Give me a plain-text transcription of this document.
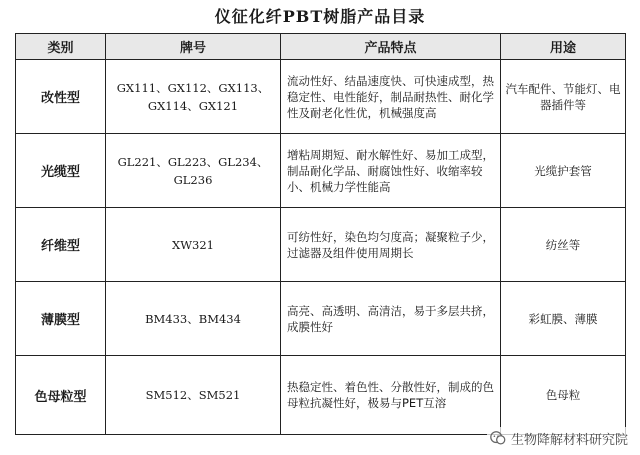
仪征化纤PBT树脂产品目录
类别	牌号	产品特点	用途
改性型	GX111、GX112、GX113、GX114、GX121	流动性好、结晶速度快、可快速成型，热稳定性、电性能好，制品耐热性、耐化学性及耐老化性优，机械强度高	汽车配件、节能灯、电器插件等
光缆型	GL221、GL223、GL234、GL236	增粘周期短、耐水解性好、易加工成型，制品耐化学品、耐腐蚀性好、收缩率较小、机械力学性能高	光缆护套管
纤维型	XW321	可纺性好，染色均匀度高；凝聚粒子少，过滤器及组件使用周期长	纺丝等
薄膜型	BM433、BM434	高亮、高透明、高清洁，易于多层共挤，成膜性好	彩虹膜、薄膜
色母粒型	SM512、SM521	热稳定性、着色性、分散性好，制成的色母粒抗凝性好，极易与PET互溶	色母粒
生物降解材料研究院
